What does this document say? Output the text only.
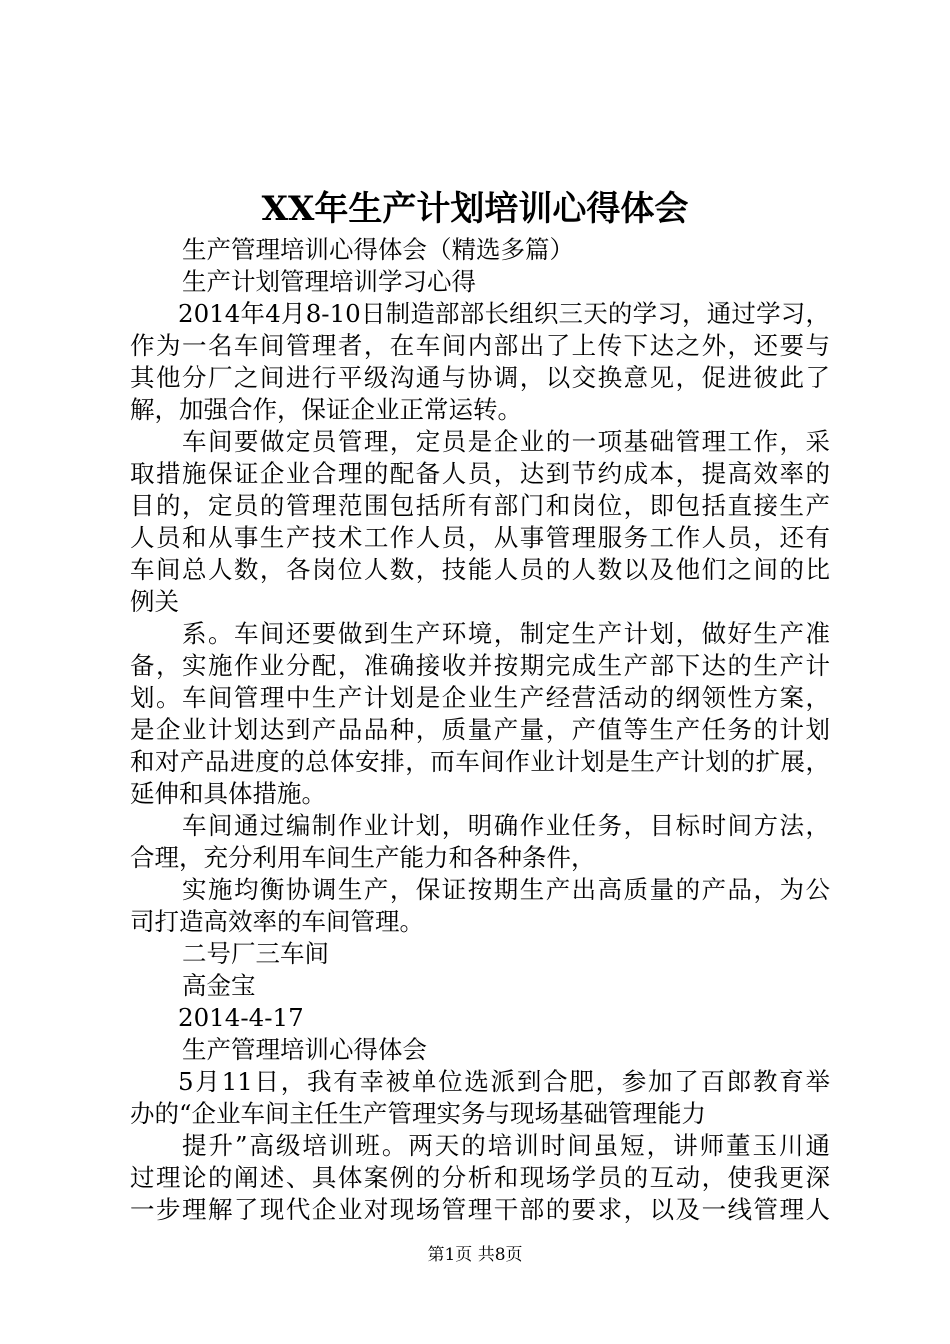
XX年生产计划培训心得体会
生产管理培训心得体会（精选多篇）
生产计划管理培训学习心得
2014年4月8-10日制造部部长组织三天的学习，通过学习，
作为一名车间管理者，在车间内部出了上传下达之外，还要与
其他分厂之间进行平级沟通与协调，以交换意见，促进彼此了
解，加强合作，保证企业正常运转。
车间要做定员管理，定员是企业的一项基础管理工作，采
取措施保证企业合理的配备人员，达到节约成本，提高效率的
目的，定员的管理范围包括所有部门和岗位，即包括直接生产
人员和从事生产技术工作人员，从事管理服务工作人员，还有
车间总人数，各岗位人数，技能人员的人数以及他们之间的比
例关
系。车间还要做到生产环境，制定生产计划，做好生产准
备，实施作业分配，准确接收并按期完成生产部下达的生产计
划。车间管理中生产计划是企业生产经营活动的纲领性方案，
是企业计划达到产品品种，质量产量，产值等生产任务的计划
和对产品进度的总体安排，而车间作业计划是生产计划的扩展，
延伸和具体措施。
车间通过编制作业计划，明确作业任务，目标时间方法，
合理，充分利用车间生产能力和各种条件，
实施均衡协调生产，保证按期生产出高质量的产品，为公
司打造高效率的车间管理。
二号厂三车间
高金宝
2014-4-17
生产管理培训心得体会
5月11日，我有幸被单位选派到合肥，参加了百郎教育举
办的“企业车间主任生产管理实务与现场基础管理能力
提升”高级培训班。两天的培训时间虽短，讲师董玉川通
过理论的阐述、具体案例的分析和现场学员的互动，使我更深
一步理解了现代企业对现场管理干部的要求，以及一线管理人
第1页 共8页
